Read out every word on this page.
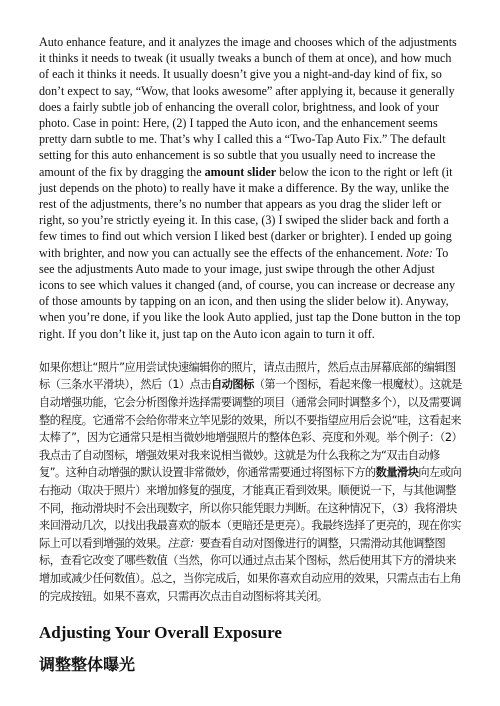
Auto enhance feature, and it analyzes the image and chooses which of the adjustments it thinks it needs to tweak (it usually tweaks a bunch of them at once), and how much of each it thinks it needs. It usually doesn’t give you a night-and-day kind of fix, so don’t expect to say, “Wow, that looks awesome” after applying it, because it generally does a fairly subtle job of enhancing the overall color, brightness, and look of your photo. Case in point: Here, (2) I tapped the Auto icon, and the enhancement seems pretty darn subtle to me. That’s why I called this a “Two-Tap Auto Fix.” The default setting for this auto enhancement is so subtle that you usually need to increase the amount of the fix by dragging the amount slider below the icon to the right or left (it just depends on the photo) to really have it make a difference. By the way, unlike the rest of the adjustments, there’s no number that appears as you drag the slider left or right, so you’re strictly eyeing it. In this case, (3) I swiped the slider back and forth a few times to find out which version I liked best (darker or brighter). I ended up going with brighter, and now you can actually see the effects of the enhancement. Note: To see the adjustments Auto made to your image, just swipe through the other Adjust icons to see which values it changed (and, of course, you can increase or decrease any of those amounts by tapping on an icon, and then using the slider below it). Anyway, when you’re done, if you like the look Auto applied, just tap the Done button in the top right. If you don’t like it, just tap on the Auto icon again to turn it off.

如果你想让“照片”应用尝试快速编辑你的照片，请点击照片，然后点击屏幕底部的编辑图标（三条水平滑块），然后（1）点击自动图标（第一个图标，看起来像一根魔杖）。这就是自动增强功能，它会分析图像并选择需要调整的项目（通常会同时调整多个），以及需要调整的程度。它通常不会给你带来立竿见影的效果，所以不要指望应用后会说“哇，这看起来太棒了”，因为它通常只是相当微妙地增强照片的整体色彩、亮度和外观。举个例子：（2）我点击了自动图标，增强效果对我来说相当微妙。这就是为什么我称之为“双击自动修复”。这种自动增强的默认设置非常微妙，你通常需要通过将图标下方的数量滑块向左或向右拖动（取决于照片）来增加修复的强度，才能真正看到效果。顺便说一下，与其他调整不同，拖动滑块时不会出现数字，所以你只能凭眼力判断。在这种情况下，（3）我将滑块来回滑动几次，以找出我最喜欢的版本（更暗还是更亮）。我最终选择了更亮的，现在你实际上可以看到增强的效果。注意：要查看自动对图像进行的调整，只需滑动其他调整图标，查看它改变了哪些数值（当然，你可以通过点击某个图标，然后使用其下方的滑块来增加或减少任何数值）。总之，当你完成后，如果你喜欢自动应用的效果，只需点击右上角的完成按钮。如果不喜欢，只需再次点击自动图标将其关闭。

Adjusting Your Overall Exposure
调整整体曝光
